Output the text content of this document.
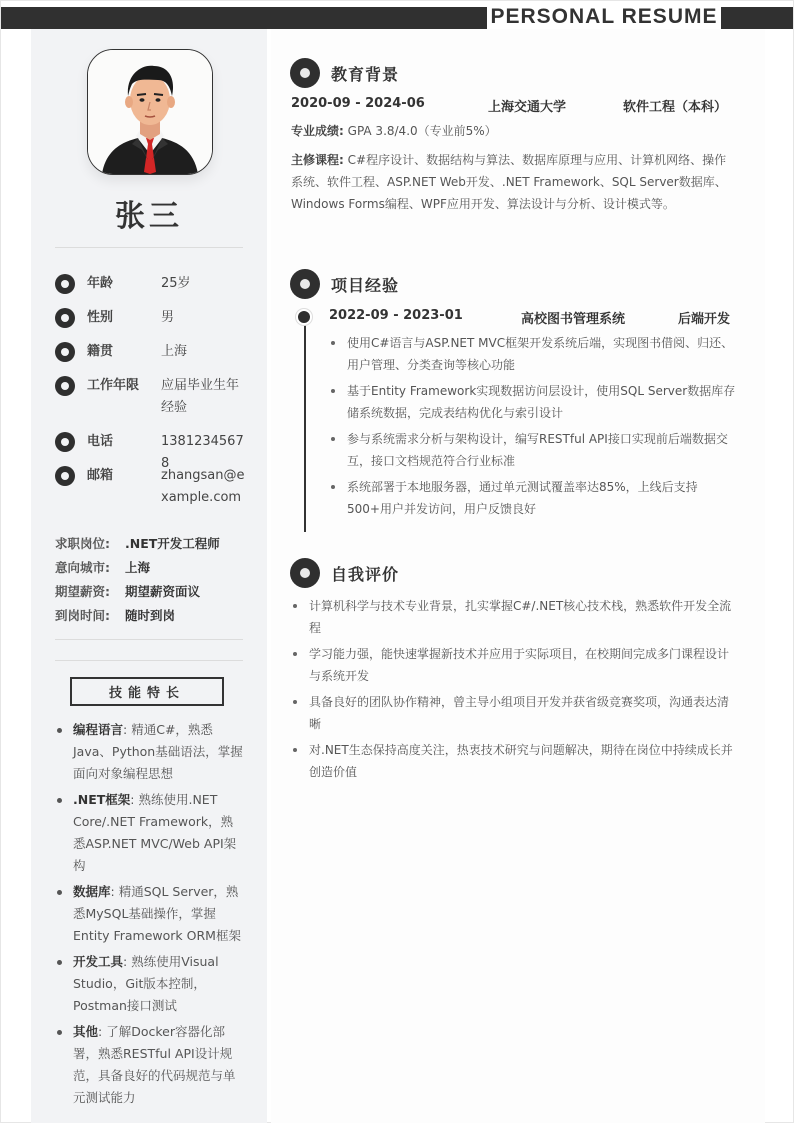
PERSONAL RESUME
张三
年龄	25岁
性别	男
籍贯	上海
工作年限	应届毕业生年经验
电话	13812345678
邮箱	zhangsan@example.com
求职岗位: .NET开发工程师
意向城市: 上海
期望薪资: 期望薪资面议
到岗时间: 随时到岗
技能特长
编程语言: 精通C#，熟悉Java、Python基础语法，掌握面向对象编程思想
.NET框架: 熟练使用.NET Core/.NET Framework，熟悉ASP.NET MVC/Web API架构
数据库: 精通SQL Server，熟悉MySQL基础操作，掌握Entity Framework ORM框架
开发工具: 熟练使用Visual Studio，Git版本控制，Postman接口测试
其他: 了解Docker容器化部署，熟悉RESTful API设计规范，具备良好的代码规范与单元测试能力
教育背景
2020-09 - 2024-06	上海交通大学	软件工程（本科）
专业成绩: GPA 3.8/4.0（专业前5%）
主修课程: C#程序设计、数据结构与算法、数据库原理与应用、计算机网络、操作系统、软件工程、ASP.NET Web开发、.NET Framework、SQL Server数据库、Windows Forms编程、WPF应用开发、算法设计与分析、设计模式等。
项目经验
2022-09 - 2023-01	高校图书管理系统	后端开发
使用C#语言与ASP.NET MVC框架开发系统后端，实现图书借阅、归还、用户管理、分类查询等核心功能
基于Entity Framework实现数据访问层设计，使用SQL Server数据库存储系统数据，完成表结构优化与索引设计
参与系统需求分析与架构设计，编写RESTful API接口实现前后端数据交互，接口文档规范符合行业标准
系统部署于本地服务器，通过单元测试覆盖率达85%，上线后支持500+用户并发访问，用户反馈良好
自我评价
计算机科学与技术专业背景，扎实掌握C#/.NET核心技术栈，熟悉软件开发全流程
学习能力强，能快速掌握新技术并应用于实际项目，在校期间完成多门课程设计与系统开发
具备良好的团队协作精神，曾主导小组项目开发并获省级竞赛奖项，沟通表达清晰
对.NET生态保持高度关注，热衷技术研究与问题解决，期待在岗位中持续成长并创造价值
